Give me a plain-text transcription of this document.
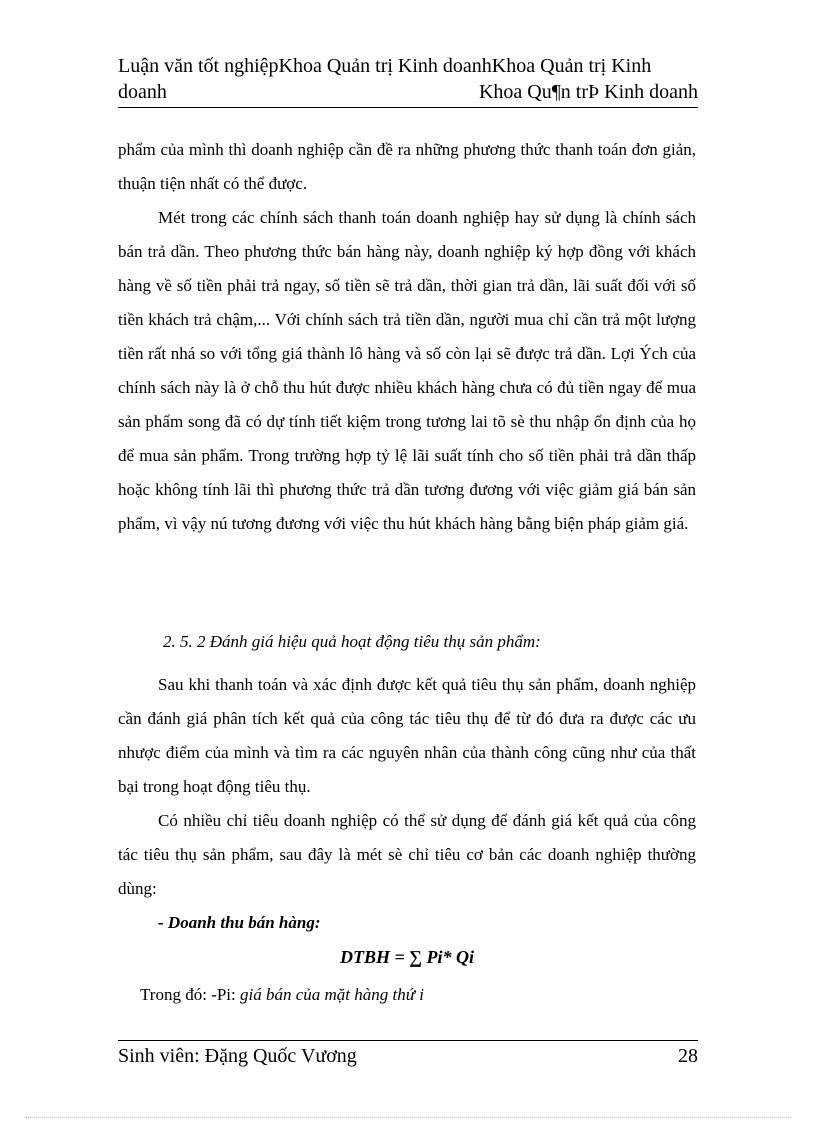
Luận văn tốt nghiệpKhoa Quản trị Kinh doanhKhoa Quản trị Kinh
doanh	Khoa Qu¶n trÞ Kinh doanh

phẩm của mình thì doanh nghiệp cần đề ra những phương thức thanh toán đơn giản, thuận tiện nhất có thể được.

Mét trong các chính sách thanh toán doanh nghiệp hay sử dụng là chính sách bán trả dần. Theo phương thức bán hàng này, doanh nghiệp ký hợp đồng với khách hàng về số tiền phải trả ngay, số tiền sẽ trả dần, thời gian trả dần, lãi suất đối với số tiền khách trả chậm,... Với chính sách trả tiền dần, người mua chỉ cần trả một lượng tiền rất nhá so với tổng giá thành lô hàng và số còn lại sẽ được trả dần. Lợi Ých của chính sách này là ở chỗ thu hút được nhiều khách hàng chưa có đủ tiền ngay để mua sản phẩm song đã có dự tính tiết kiệm trong tương lai tõ sè thu nhập ổn định của họ để mua sản phẩm. Trong trường hợp tỷ lệ lãi suất tính cho số tiền phải trả dần thấp hoặc không tính lãi thì phương thức trả dần tương đương với việc giảm giá bán sản phẩm, vì vậy nú tương đương với việc thu hút khách hàng bằng biện pháp giảm giá.

2. 5. 2 Đánh giá hiệu quả hoạt động tiêu thụ sản phẩm:

Sau khi thanh toán và xác định được kết quả tiêu thụ sản phẩm, doanh nghiệp cần đánh giá phân tích kết quả của công tác tiêu thụ để từ đó đưa ra được các ưu nhược điểm của mình và tìm ra các nguyên nhân của thành công cũng như của thất bại trong hoạt động tiêu thụ.

Có nhiều chỉ tiêu doanh nghiệp có thể sử dụng để đánh giá kết quả của công tác tiêu thụ sản phẩm, sau đây là mét sè chỉ tiêu cơ bản các doanh nghiệp thường dùng:

- Doanh thu bán hàng:
DTBH = ∑ Pi* Qi
Trong đó: -Pi: giá bán của mặt hàng thứ i
Sinh viên: Đặng Quốc Vương	28
